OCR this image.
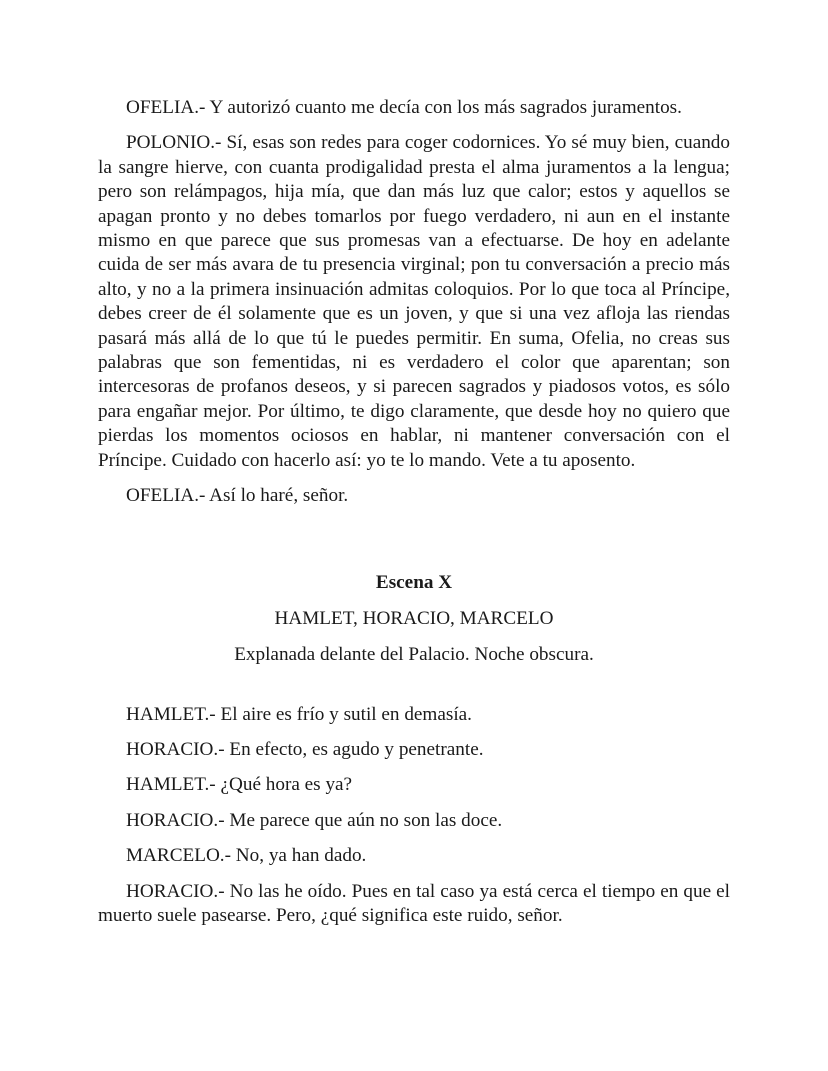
OFELIA.- Y autorizó cuanto me decía con los más sagrados juramentos.

POLONIO.- Sí, esas son redes para coger codornices. Yo sé muy bien, cuando la sangre hierve, con cuanta prodigalidad presta el alma juramentos a la lengua; pero son relámpagos, hija mía, que dan más luz que calor; estos y aquellos se apagan pronto y no debes tomarlos por fuego verdadero, ni aun en el instante mismo en que parece que sus promesas van a efectuarse. De hoy en adelante cuida de ser más avara de tu presencia virginal; pon tu conversación a precio más alto, y no a la primera insinuación admitas coloquios. Por lo que toca al Príncipe, debes creer de él solamente que es un joven, y que si una vez afloja las riendas pasará más allá de lo que tú le puedes permitir. En suma, Ofelia, no creas sus palabras que son fementidas, ni es verdadero el color que aparentan; son intercesoras de profanos deseos, y si parecen sagrados y piadosos votos, es sólo para engañar mejor. Por último, te digo claramente, que desde hoy no quiero que pierdas los momentos ociosos en hablar, ni mantener conversación con el Príncipe. Cuidado con hacerlo así: yo te lo mando. Vete a tu aposento.

OFELIA.- Así lo haré, señor.

Escena X

HAMLET, HORACIO, MARCELO

Explanada delante del Palacio. Noche obscura.

HAMLET.- El aire es frío y sutil en demasía.

HORACIO.- En efecto, es agudo y penetrante.

HAMLET.- ¿Qué hora es ya?

HORACIO.- Me parece que aún no son las doce.

MARCELO.- No, ya han dado.

HORACIO.- No las he oído. Pues en tal caso ya está cerca el tiempo en que el muerto suele pasearse. Pero, ¿qué significa este ruido, señor.
